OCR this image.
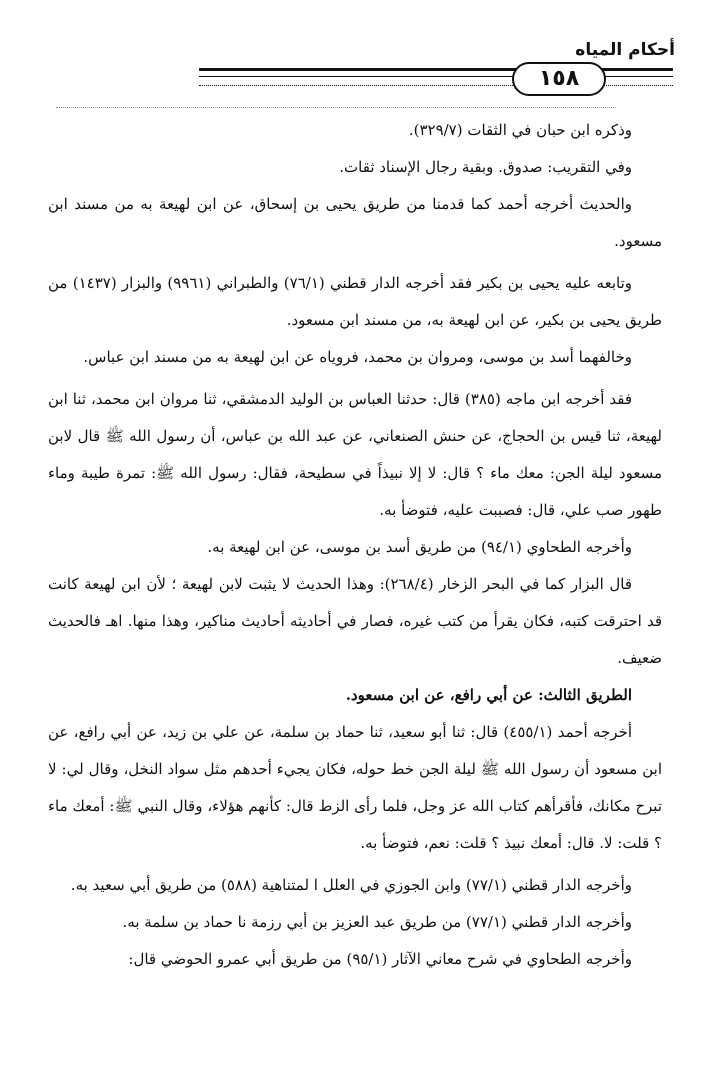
أحكام المياه
١٥٨

وذكره ابن حبان في الثقات (٣٢٩/٧).

وفي التقريب: صدوق. وبقية رجال الإسناد ثقات.

والحديث أخرجه أحمد كما قدمنا من طريق يحيى بن إسحاق، عن ابن لهيعة به من مسند ابن مسعود.

وتابعه عليه يحيى بن بكير فقد أخرجه الدار قطني (٧٦/١) والطبراني (٩٩٦١) والبزار (١٤٣٧) من طريق يحيى بن بكير، عن ابن لهيعة به، من مسند ابن مسعود.

وخالفهما أسد بن موسى، ومروان بن محمد، فروياه عن ابن لهيعة به من مسند ابن عباس.

فقد أخرجه ابن ماجه (٣٨٥) قال: حدثنا العباس بن الوليد الدمشقي، ثنا مروان ابن محمد، ثنا ابن لهيعة، ثنا قيس بن الحجاج، عن حنش الصنعاني، عن عبد الله بن عباس، أن رسول الله ﷺ قال لابن مسعود ليلة الجن: معك ماء ؟ قال: لا إلا نبيذاً في سطيحة، فقال: رسول الله ﷺ: تمرة طيبة وماء طهور صب علي، قال: فصببت عليه، فتوضأ به.

وأخرجه الطحاوي (٩٤/١) من طريق أسد بن موسى، عن ابن لهيعة به.

قال البزار كما في البحر الزخار (٢٦٨/٤): وهذا الحديث لا يثبت لابن لهيعة ؛ لأن ابن لهيعة كانت قد احترقت كتبه، فكان يقرأ من كتب غيره، فصار في أحاديثه أحاديث مناكير، وهذا منها. اهـ فالحديث ضعيف.

الطريق الثالث: عن أبي رافع، عن ابن مسعود.

أخرجه أحمد (٤٥٥/١) قال: ثنا أبو سعيد، ثنا حماد بن سلمة، عن علي بن زيد، عن أبي رافع، عن ابن مسعود أن رسول الله ﷺ ليلة الجن خط حوله، فكان يجيء أحدهم مثل سواد النخل، وقال لي: لا تبرح مكانك، فأقرأهم كتاب الله عز وجل، فلما رأى الزط قال: كأنهم هؤلاء، وقال النبي ﷺ: أمعك ماء ؟ قلت: لا. قال: أمعك نبيذ ؟ قلت: نعم، فتوضأ به.

وأخرجه الدار قطني (٧٧/١) وابن الجوزي في العلل ا لمتناهية (٥٨٨) من طريق أبي سعيد به.

وأخرجه الدار قطني (٧٧/١) من طريق عبد العزيز بن أبي رزمة نا حماد بن سلمة به.

وأخرجه الطحاوي في شرح معاني الآثار (٩٥/١) من طريق أبي عمرو الحوضي قال:
